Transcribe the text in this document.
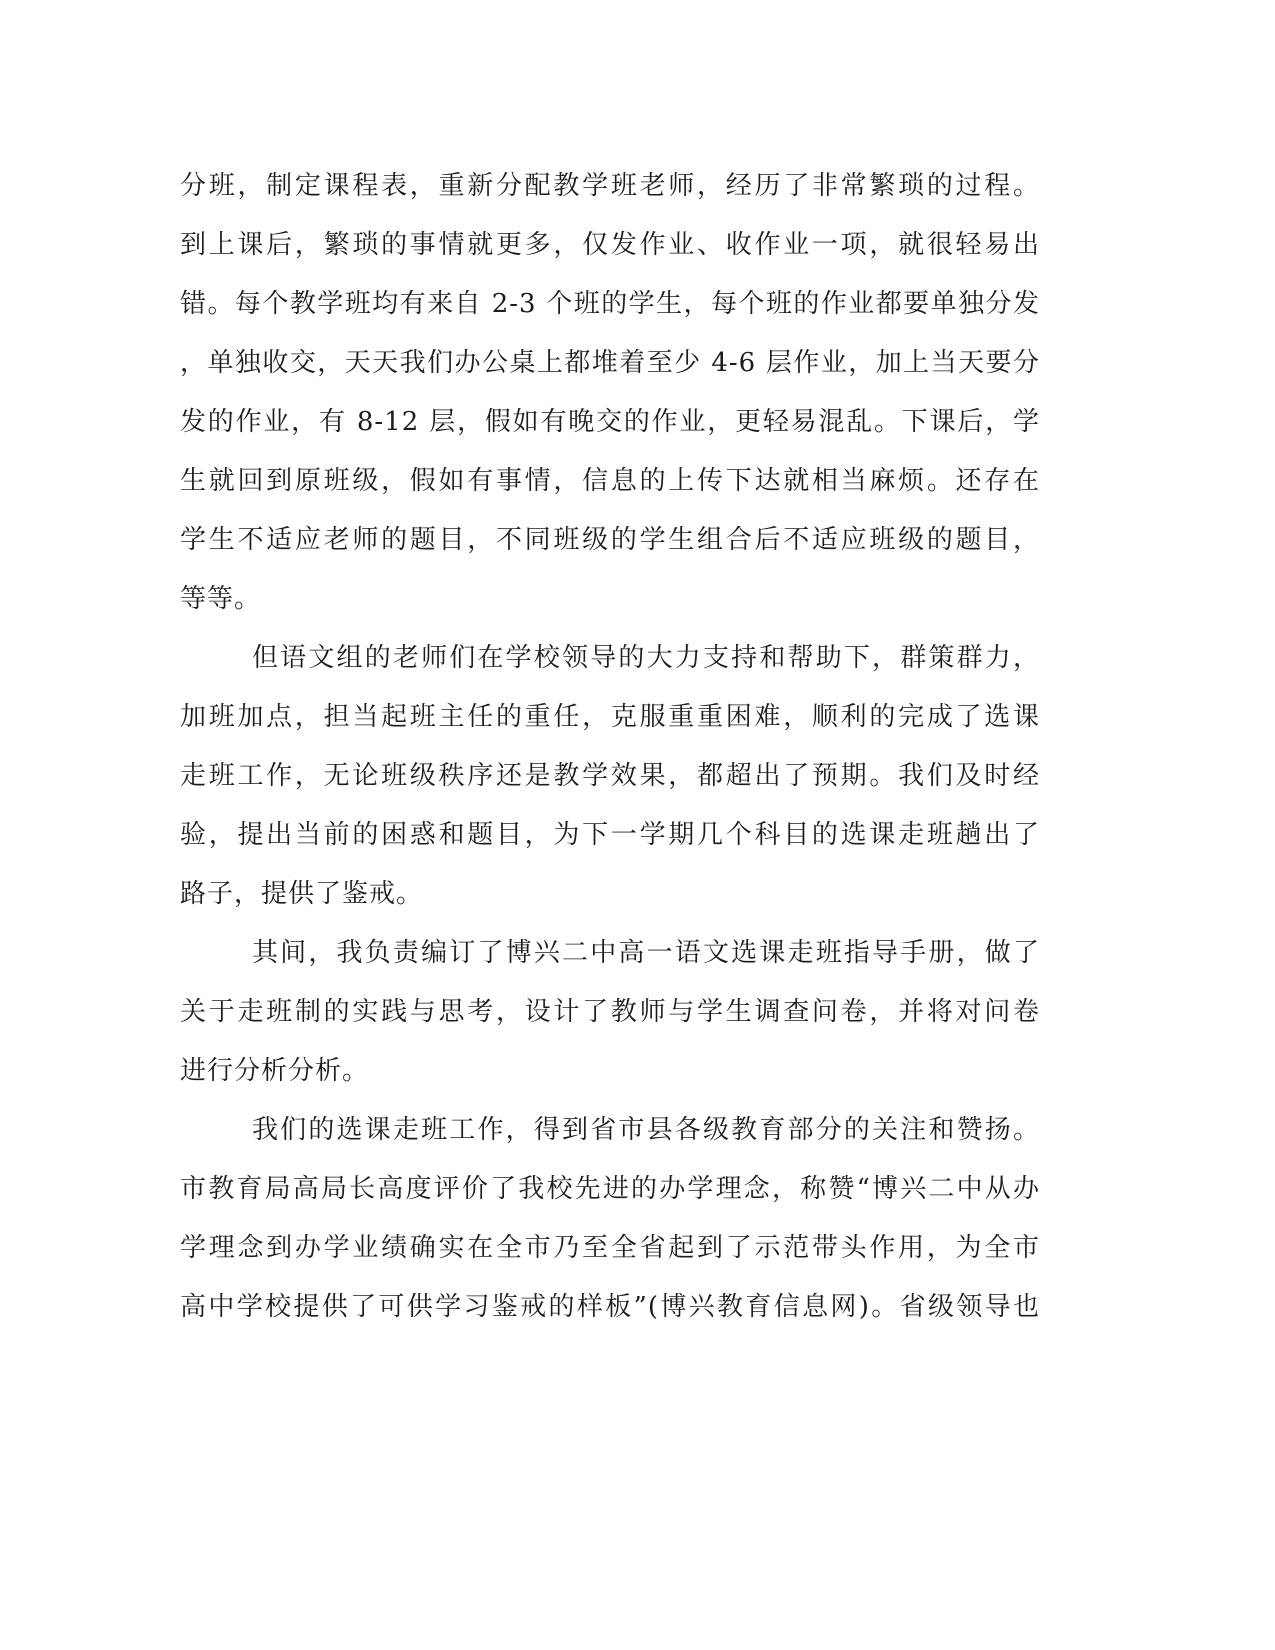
分班，制定课程表，重新分配教学班老师，经历了非常繁琐的过程。
到上课后，繁琐的事情就更多，仅发作业、收作业一项，就很轻易出
错。每个教学班均有来自 2-3 个班的学生，每个班的作业都要单独分发
，单独收交，天天我们办公桌上都堆着至少 4-6 层作业，加上当天要分
发的作业，有 8-12 层，假如有晚交的作业，更轻易混乱。下课后，学
生就回到原班级，假如有事情，信息的上传下达就相当麻烦。还存在
学生不适应老师的题目，不同班级的学生组合后不适应班级的题目，
等等。
但语文组的老师们在学校领导的大力支持和帮助下，群策群力，
加班加点，担当起班主任的重任，克服重重困难，顺利的完成了选课
走班工作，无论班级秩序还是教学效果，都超出了预期。我们及时经
验，提出当前的困惑和题目，为下一学期几个科目的选课走班趟出了
路子，提供了鉴戒。
其间，我负责编订了博兴二中高一语文选课走班指导手册，做了
关于走班制的实践与思考，设计了教师与学生调查问卷，并将对问卷
进行分析分析。
我们的选课走班工作，得到省市县各级教育部分的关注和赞扬。
市教育局高局长高度评价了我校先进的办学理念，称赞“博兴二中从办
学理念到办学业绩确实在全市乃至全省起到了示范带头作用，为全市
高中学校提供了可供学习鉴戒的样板”(博兴教育信息网)。省级领导也
